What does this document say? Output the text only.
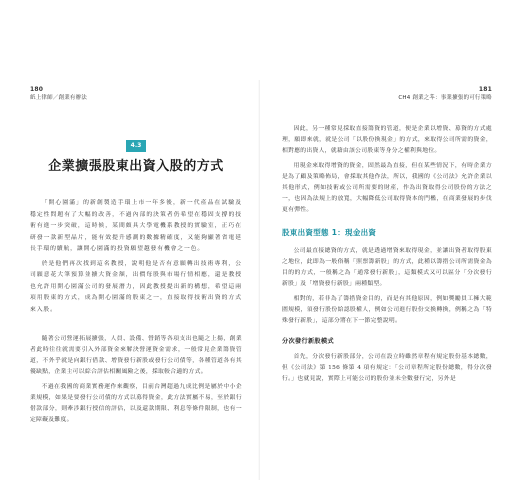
180
紙上律師／創業有辦法
4.3
企業擴張股東出資入股的方式

「開心園滿」的新創製造手環上市一年多後，新一代產品在試驗及穩定性問題有了大幅的改善，不過內部的決策者仍希望在穩固支撐的技術有進一步突破，這時候，某間頗具大學電機系教授的實驗室，正巧在研發一款新型晶片，能有效提升感測的數據精確度，又能夠顯著省電延長手環的續航，讓開心園滿的投資願望越發有機會之一色。

於是他們再次找到這名教授，說明他是否有意願轉出技術專利，公司願意花大筆預算並擴大資金額，出價每股與市場行情相應，還是教授也允許用開心園滿公司的發展潛力，因此教授提出新的構想，希望這兩項用股東的方式，成為開心園滿的股東之一，直接取得技術出資的方式來入股。

隨著公司營運拓展擴張，人員、設備、營銷等各項支出也隨之上揚，創業者此時往往就需要引入外部資金來解決營運資金需求，一般常見企業籌資管道，不外乎就是向銀行借款、增資發行新股或發行公司債等，各種管道各有其優缺點，企業主可以綜合評估相關風險之後，採取較合適的方式。

不過在我國的商業實務運作來觀察，目前台灣超過九成比例是屬於中小企業規模，如果是要發行公司債的方式以募得資金，此方法實屬不易，至於銀行借款部分，則牽涉銀行授信的評估，以及還款期限、利息等條件限制，也有一定障礙及難度。

181
CH4 創業之후：事業擴張的可行策略

因此，另一種常見採取直接籌資的管道，便是企業以增資、募資的方式處理，願即來就，就是公司「以股份換現金」的方式，來取得公司所需的資金，相對應的出資人，就藉由該公司股東等身分之權利與地位。

用現金來取得增資的資金，固然最為直接，但在某些情況下，有時企業方是為了顧及策略佈局，會採取其他作法，所以，我國的《公司法》允許企業以其他形式，例如技術或公司所需要的財產，作為出資取得公司股份的方法之一，也因為法規上的放寬，大幅降低公司取得資本的門檻，在商業發展的步伐更有彈性。

股東出資型態 1：現金出資

公司最直接總資的方式，就是透過增資來取得現金，並讓出資者取得股東之地位，此即為一般俗稱「照票籌新股」的方式，此種以籌措公司所需資金為目的的方式，一般稱之為「通常發行新股」，這類模式又可以區分「分次發行新股」及「增資發行新股」兩種類型。

相對的，若非為了籌措資金目的，而是有其他原因，例如獎勵員工擁大範圍規模，須發行股份給認股權人，例如公司進行股份交換轉換，例稱之為「特殊發行新股」，這部分將在下一節完整說明。

分次發行新股模式

首先，分次發行新股部分，公司在設立時雖然章程有規定股份基本總數，但《公司法》第 156 條第 4 項有規定：「公司章程所定股份總數，得分次發行。」也就見說，實際上可能公司的股份並未全數發行完，另外是
